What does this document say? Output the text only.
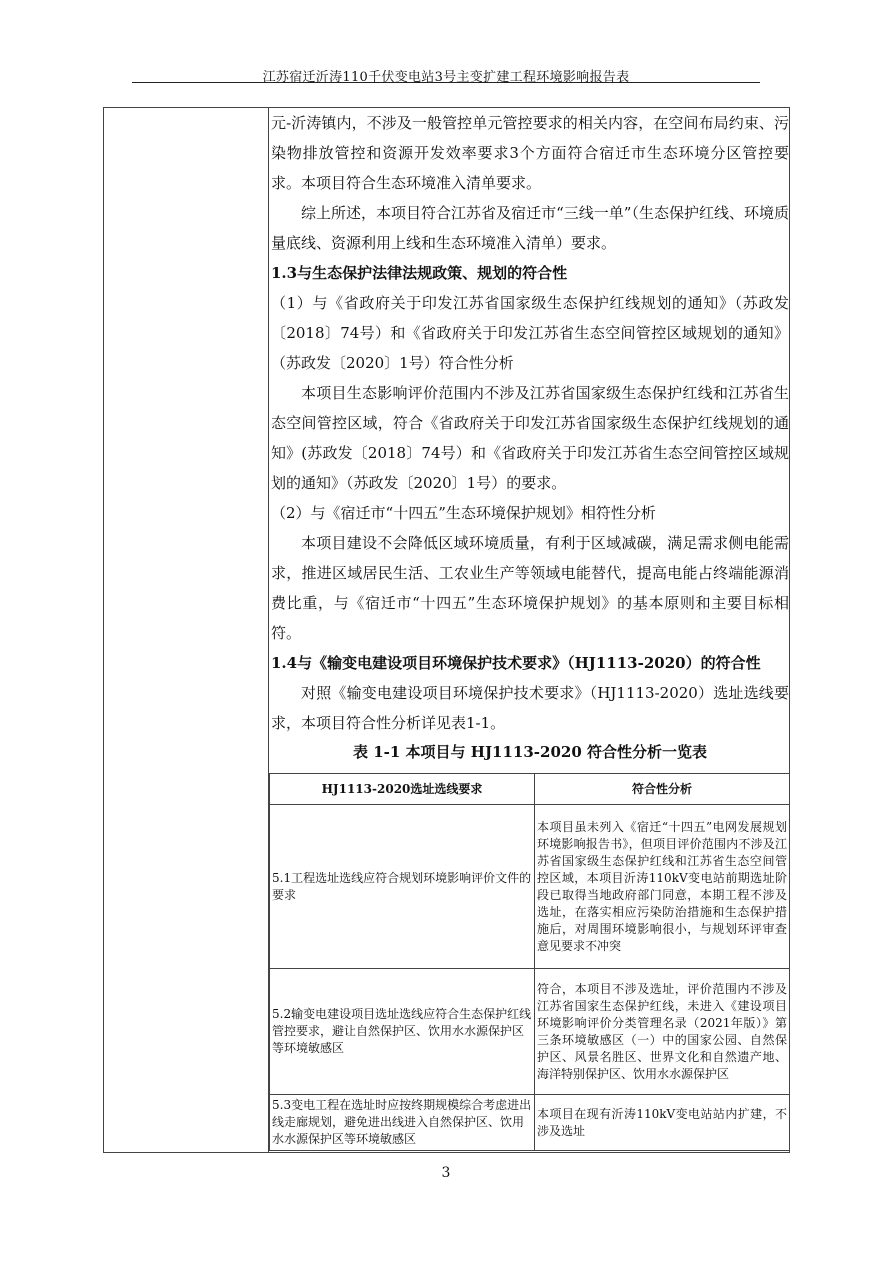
江苏宿迁沂涛110千伏变电站3号主变扩建工程环境影响报告表

元-沂涛镇内，不涉及一般管控单元管控要求的相关内容，在空间布局约束、污染物排放管控和资源开发效率要求3个方面符合宿迁市生态环境分区管控要求。本项目符合生态环境准入清单要求。

综上所述，本项目符合江苏省及宿迁市“三线一单”（生态保护红线、环境质量底线、资源利用上线和生态环境准入清单）要求。

1.3与生态保护法律法规政策、规划的符合性

（1）与《省政府关于印发江苏省国家级生态保护红线规划的通知》（苏政发〔2018〕74号）和《省政府关于印发江苏省生态空间管控区域规划的通知》（苏政发〔2020〕1号）符合性分析

本项目生态影响评价范围内不涉及江苏省国家级生态保护红线和江苏省生态空间管控区域，符合《省政府关于印发江苏省国家级生态保护红线规划的通知》(苏政发〔2018〕74号）和《省政府关于印发江苏省生态空间管控区域规划的通知》（苏政发〔2020〕1号）的要求。

（2）与《宿迁市“十四五”生态环境保护规划》相符性分析

本项目建设不会降低区域环境质量，有利于区域减碳，满足需求侧电能需求，推进区域居民生活、工农业生产等领域电能替代，提高电能占终端能源消费比重，与《宿迁市“十四五”生态环境保护规划》的基本原则和主要目标相符。

1.4与《输变电建设项目环境保护技术要求》（HJ1113-2020）的符合性

对照《输变电建设项目环境保护技术要求》（HJ1113-2020）选址选线要求，本项目符合性分析详见表1-1。

表 1-1 本项目与 HJ1113-2020 符合性分析一览表

HJ1113-2020选址选线要求	符合性分析
5.1工程选址选线应符合规划环境影响评价文件的要求	本项目虽未列入《宿迁“十四五”电网发展规划环境影响报告书》，但项目评价范围内不涉及江苏省国家级生态保护红线和江苏省生态空间管控区域，本项目沂涛110kV变电站前期选址阶段已取得当地政府部门同意，本期工程不涉及选址，在落实相应污染防治措施和生态保护措施后，对周围环境影响很小，与规划环评审查意见要求不冲突
5.2输变电建设项目选址选线应符合生态保护红线管控要求，避让自然保护区、饮用水水源保护区等环境敏感区	符合，本项目不涉及选址，评价范围内不涉及江苏省国家生态保护红线，未进入《建设项目环境影响评价分类管理名录（2021年版）》第三条环境敏感区（一）中的国家公园、自然保护区、风景名胜区、世界文化和自然遗产地、海洋特别保护区、饮用水水源保护区
5.3变电工程在选址时应按终期规模综合考虑进出线走廊规划，避免进出线进入自然保护区、饮用水水源保护区等环境敏感区	本项目在现有沂涛110kV变电站站内扩建，不涉及选址
3
